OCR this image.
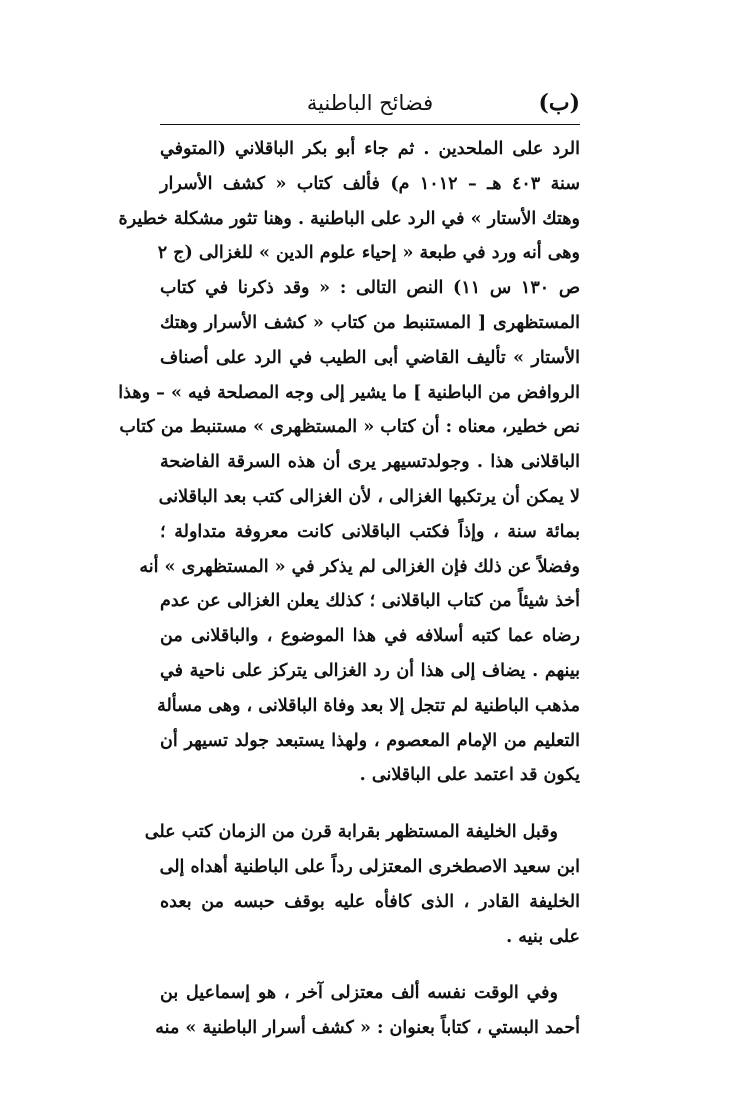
(ب)
فضائح الباطنية
الرد على الملحدين . ثم جاء أبو بكر الباقلاني (المتوفي
سنة ٤٠٣ هـ – ١٠١٢ م) فألف كتاب « كشف الأسرار
وهتك الأستار » في الرد على الباطنية . وهنا تثور مشكلة خطيرة
وهى أنه ورد في طبعة « إحياء علوم الدين » للغزالى (ج ٢
ص ١٣٠ س ١١) النص التالى : « وقد ذكرنا في كتاب
المستظهرى [ المستنبط من كتاب « كشف الأسرار وهتك
الأستار » تأليف القاضي أبى الطيب في الرد على أصناف
الروافض من الباطنية ] ما يشير إلى وجه المصلحة فيه » – وهذا
نص خطير، معناه : أن كتاب « المستظهرى » مستنبط من كتاب
الباقلانى هذا . وجولدتسيهر يرى أن هذه السرقة الفاضحة
لا يمكن أن يرتكبها الغزالى ، لأن الغزالى كتب بعد الباقلانى
بمائة سنة ، وإذاً فكتب الباقلانى كانت معروفة متداولة ؛
وفضلاً عن ذلك فإن الغزالى لم يذكر في « المستظهرى » أنه
أخذ شيئاً من كتاب الباقلانى ؛ كذلك يعلن الغزالى عن عدم
رضاه عما كتبه أسلافه في هذا الموضوع ، والباقلانى من
بينهم . يضاف إلى هذا أن رد الغزالى يتركز على ناحية في
مذهب الباطنية لم تتجل إلا بعد وفاة الباقلانى ، وهى مسألة
التعليم من الإمام المعصوم ، ولهذا يستبعد جولد تسيهر أن
يكون قد اعتمد على الباقلانى .
وقبل الخليفة المستظهر بقرابة قرن من الزمان كتب على
ابن سعيد الاصطخرى المعتزلى رداً على الباطنية أهداه إلى
الخليفة القادر ، الذى كافأه عليه بوقف حبسه من بعده
على بنيه .
وفي الوقت نفسه ألف معتزلى آخر ، هو إسماعيل بن
أحمد البستي ، كتاباً بعنوان : « كشف أسرار الباطنية » منه
